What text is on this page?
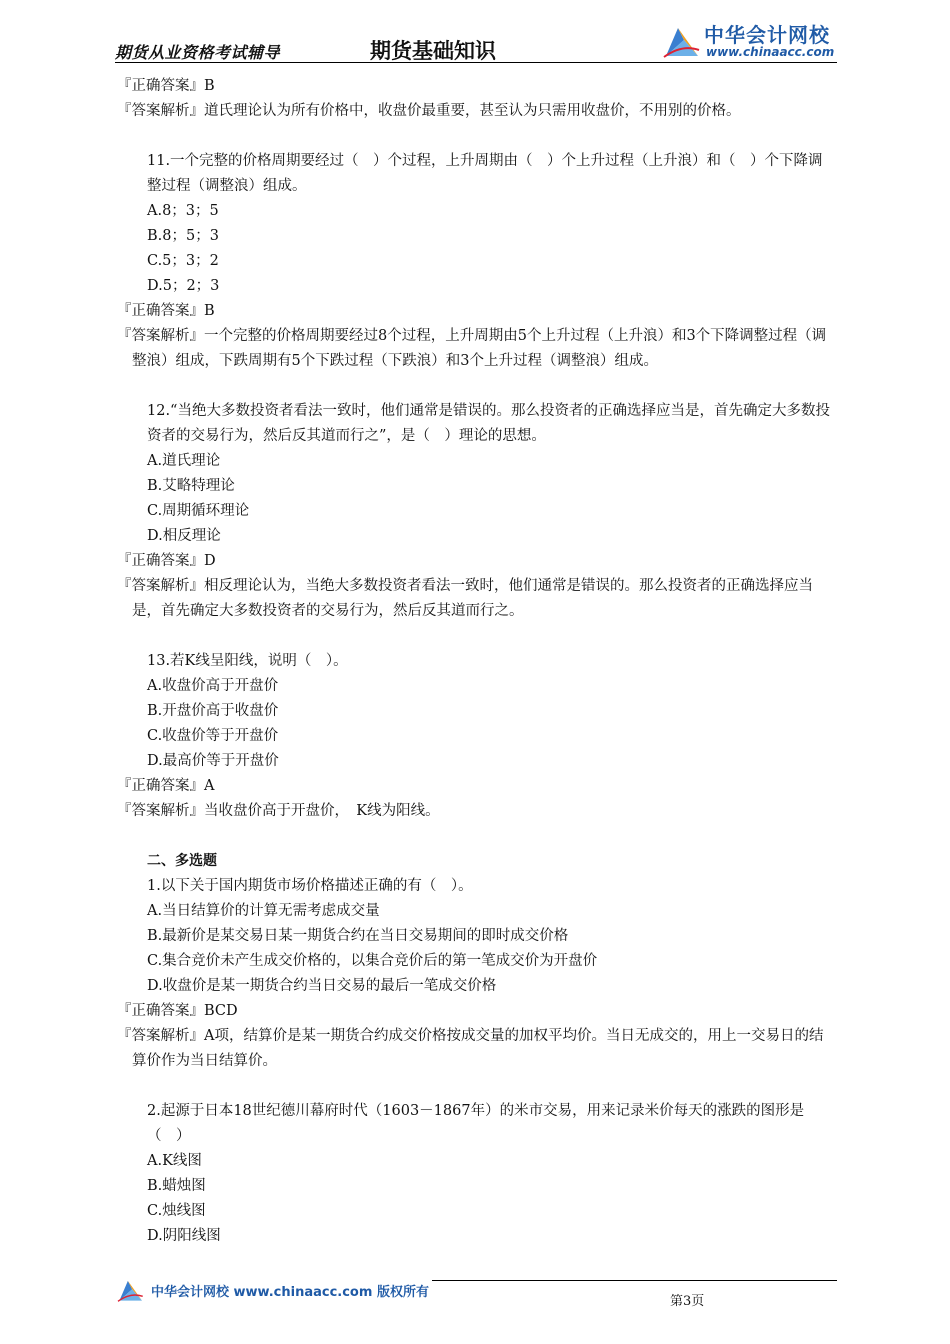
期货从业资格考试辅导	期货基础知识
中华会计网校
www.chinaacc.com

『正确答案』B

『答案解析』道氏理论认为所有价格中，收盘价最重要，甚至认为只需用收盘价，不用别的价格。

11.一个完整的价格周期要经过（　）个过程，上升周期由（　）个上升过程（上升浪）和（　）个下降调整过程（调整浪）组成。

A.8；3；5

B.8；5；3

C.5；3；2

D.5；2；3

『正确答案』B

『答案解析』一个完整的价格周期要经过8个过程，上升周期由5个上升过程（上升浪）和3个下降调整过程（调整浪）组成，下跌周期有5个下跌过程（下跌浪）和3个上升过程（调整浪）组成。

12.“当绝大多数投资者看法一致时，他们通常是错误的。那么投资者的正确选择应当是，首先确定大多数投资者的交易行为，然后反其道而行之”，是（　）理论的思想。

A.道氏理论

B.艾略特理论

C.周期循环理论

D.相反理论

『正确答案』D

『答案解析』相反理论认为，当绝大多数投资者看法一致时，他们通常是错误的。那么投资者的正确选择应当是，首先确定大多数投资者的交易行为，然后反其道而行之。

13.若K线呈阳线，说明（　）。

A.收盘价高于开盘价

B.开盘价高于收盘价

C.收盘价等于开盘价

D.最高价等于开盘价

『正确答案』A

『答案解析』当收盘价高于开盘价，　K线为阳线。

二、多选题

1.以下关于国内期货市场价格描述正确的有（　）。

A.当日结算价的计算无需考虑成交量

B.最新价是某交易日某一期货合约在当日交易期间的即时成交价格

C.集合竞价未产生成交价格的，以集合竞价后的第一笔成交价为开盘价

D.收盘价是某一期货合约当日交易的最后一笔成交价格

『正确答案』BCD

『答案解析』A项，结算价是某一期货合约成交价格按成交量的加权平均价。当日无成交的，用上一交易日的结算价作为当日结算价。

2.起源于日本18世纪德川幕府时代（1603－1867年）的米市交易，用来记录米价每天的涨跌的图形是（　）

A.K线图

B.蜡烛图

C.烛线图

D.阴阳线图

中华会计网校 www.chinaacc.com 版权所有
第3页
